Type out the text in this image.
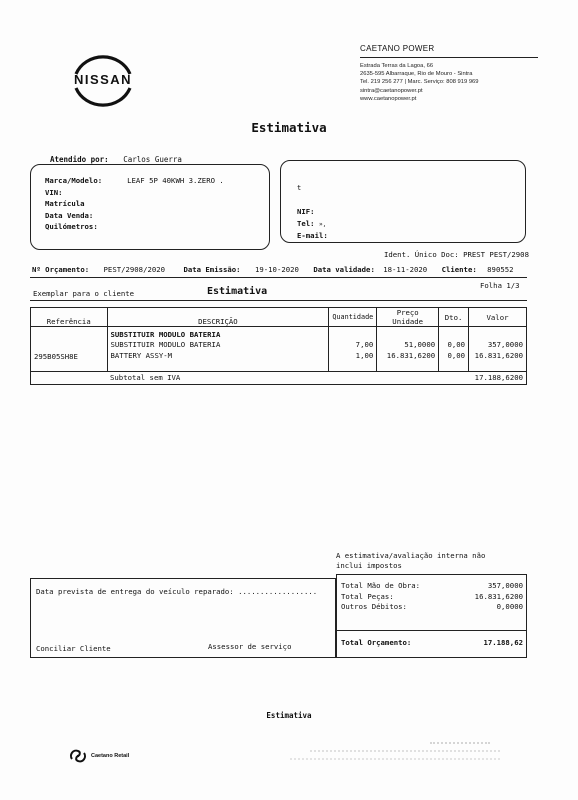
NISSAN
CAETANO POWER
Estrada Terras da Lagoa, 66
2635-595 Albarraque, Rio de Mouro - Sintra
Tel. 219 256 277 | Marc. Serviço: 808 919 969
sintra@caetanopower.pt
www.caetanopower.pt
Estimativa
Atendido por: Carlos Guerra
Marca/Modelo:	LEAF 5P 40KWH 3.ZERO .
VIN:
Matrícula
Data Venda:
Quilómetros:
t
NIF:
Tel: »,
E-mail:
Ident. Único Doc: PREST PEST/2908
Nº Orçamento: PEST/2908/2020	Data Emissão: 19-10-2020 Data validade: 18-11-2020 Cliente: 890552
Folha 1/3
Exemplar para o cliente	Estimativa
Referência	DESCRIÇÃO	Quantidade	Preço Unidade	Dto.	Valor
	SUBSTITUIR MODULO BATERIA				
	SUBSTITUIR MODULO BATERIA	7,00	51,0000	0,00	357,0000
295B05SH8E	BATTERY ASSY-M	1,00	16.831,6200	0,00	16.831,6200

	Subtotal sem IVA				17.188,6200
A estimativa/avaliação interna não inclui impostos
Data prevista de entrega do veículo reparado: ..................
Conciliar Cliente	Assessor de serviço
Total Mão de Obra:	357,0000
Total Peças:	16.831,6200
Outros Débitos:	0,0000
Total Orçamento:	17.188,62
Estimativa
Caetano Retail
